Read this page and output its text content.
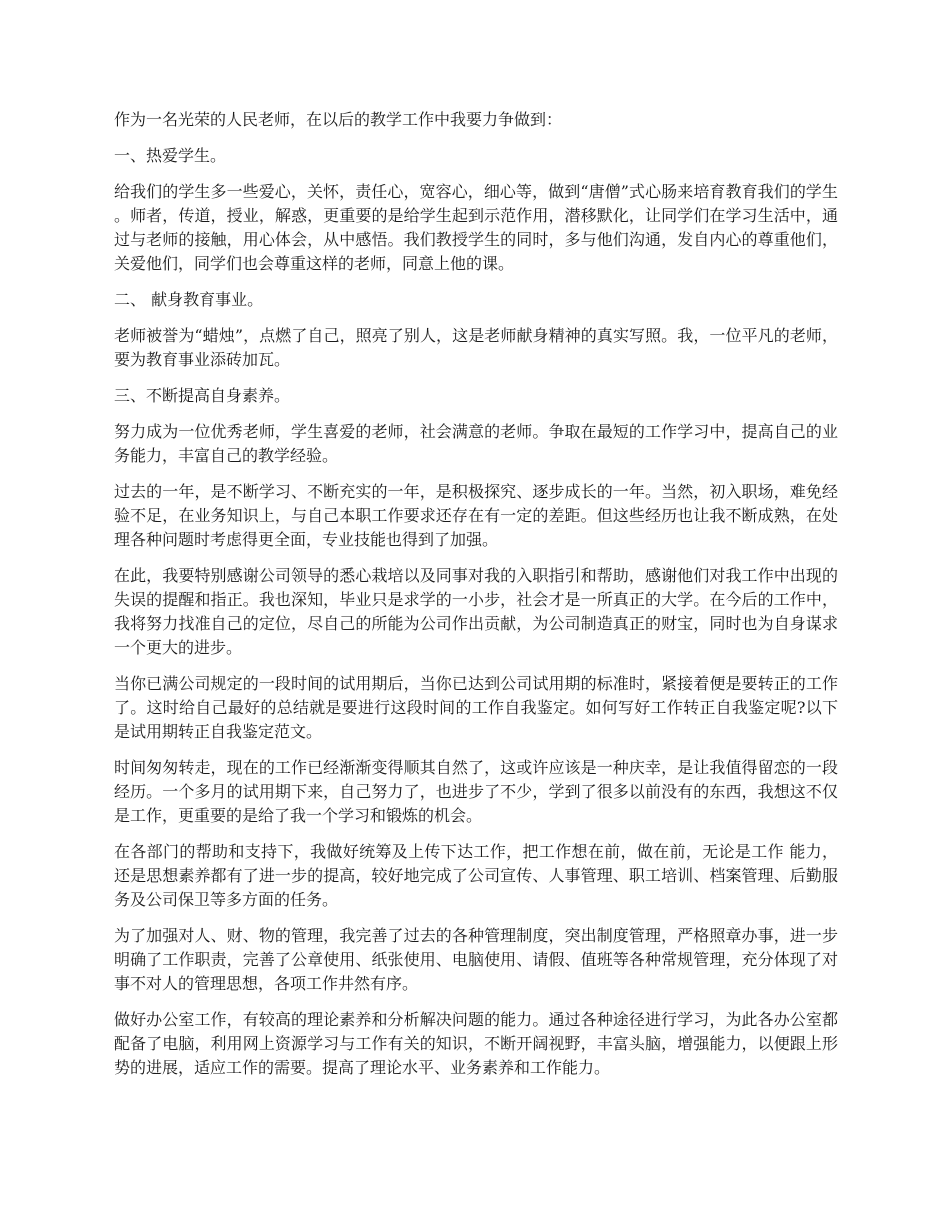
作为一名光荣的人民老师，在以后的教学工作中我要力争做到：

一、热爱学生。

给我们的学生多一些爱心，关怀，责任心，宽容心，细心等，做到“唐僧”式心肠来培育教育我们的学生。师者，传道，授业，解惑，更重要的是给学生起到示范作用，潜移默化，让同学们在学习生活中，通过与老师的接触，用心体会，从中感悟。我们教授学生的同时，多与他们沟通，发自内心的尊重他们，关爱他们，同学们也会尊重这样的老师，同意上他的课。

二、 献身教育事业。

老师被誉为“蜡烛”，点燃了自己，照亮了别人，这是老师献身精神的真实写照。我，一位平凡的老师，要为教育事业添砖加瓦。

三、不断提高自身素养。

努力成为一位优秀老师，学生喜爱的老师，社会满意的老师。争取在最短的工作学习中，提高自己的业务能力，丰富自己的教学经验。

过去的一年，是不断学习、不断充实的一年，是积极探究、逐步成长的一年。当然，初入职场，难免经验不足，在业务知识上，与自己本职工作要求还存在有一定的差距。但这些经历也让我不断成熟，在处理各种问题时考虑得更全面，专业技能也得到了加强。

在此，我要特别感谢公司领导的悉心栽培以及同事对我的入职指引和帮助，感谢他们对我工作中出现的失误的提醒和指正。我也深知，毕业只是求学的一小步，社会才是一所真正的大学。在今后的工作中，我将努力找准自己的定位，尽自己的所能为公司作出贡献，为公司制造真正的财宝，同时也为自身谋求一个更大的进步。

当你已满公司规定的一段时间的试用期后，当你已达到公司试用期的标准时，紧接着便是要转正的工作了。这时给自己最好的总结就是要进行这段时间的工作自我鉴定。如何写好工作转正自我鉴定呢?以下是试用期转正自我鉴定范文。

时间匆匆转走，现在的工作已经渐渐变得顺其自然了，这或许应该是一种庆幸，是让我值得留恋的一段经历。一个多月的试用期下来，自己努力了，也进步了不少，学到了很多以前没有的东西，我想这不仅是工作，更重要的是给了我一个学习和锻炼的机会。

在各部门的帮助和支持下，我做好统筹及上传下达工作，把工作想在前，做在前，无论是工作 能力，还是思想素养都有了进一步的提高，较好地完成了公司宣传、人事管理、职工培训、档案管理、后勤服务及公司保卫等多方面的任务。

为了加强对人、财、物的管理，我完善了过去的各种管理制度，突出制度管理，严格照章办事，进一步明确了工作职责，完善了公章使用、纸张使用、电脑使用、请假、值班等各种常规管理，充分体现了对事不对人的管理思想，各项工作井然有序。

做好办公室工作，有较高的理论素养和分析解决问题的能力。通过各种途径进行学习，为此各办公室都配备了电脑，利用网上资源学习与工作有关的知识，不断开阔视野，丰富头脑，增强能力，以便跟上形势的进展，适应工作的需要。提高了理论水平、业务素养和工作能力。
